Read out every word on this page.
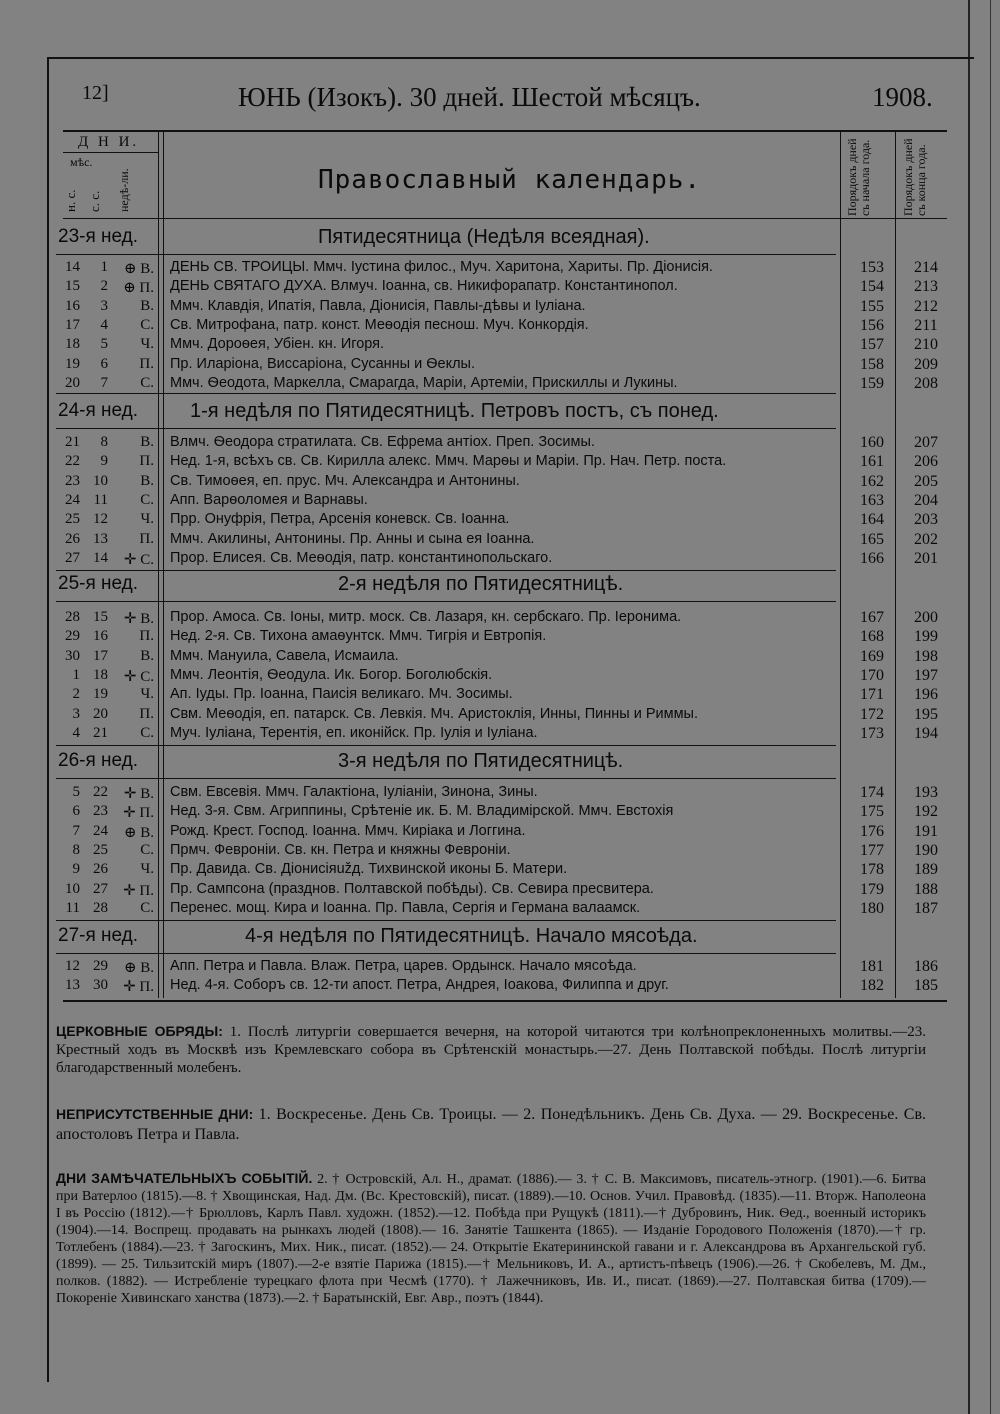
12]	ЮНЬ (Изокъ). 30 дней. Шестой мѣсяцъ.	1908.
Д Н И.
мѣс.
н. с. с. с. недѣ-ли.	Православный календарь.	Порядокъ дней съ начала года.	Порядокъ дней съ конца года.
23-я нед.	Пятидесятница (Недѣля всеядная).
14	1	⊕ В. ДЕНЬ СВ. ТРОИЦЫ. Ммч. Іустина филос., Муч. Харитона, Хариты. Пр. Діонисія.	153	214
15	2	⊕ П. ДЕНЬ СВЯТАГО ДУХА. Влмуч. Іоанна, св. Никифорапатр. Константинопол.	154	213
16	3	В. Ммч. Клавдія, Ипатія, Павла, Діонисія, Павлы-дѣвы и Іуліана.	155	212
17	4	С. Св. Митрофана, патр. конст. Меѳодія песнош. Муч. Конкордія.	156	211
18	5	Ч. Ммч. Дороѳея, Убіен. кн. Игоря.	157	210
19	6	П. Пр. Иларіона, Виссаріона, Сусанны и Ѳеклы.	158	209
20	7	С. Ммч. Ѳеодота, Маркелла, Смарагда, Маріи, Артеміи, Прискиллы и Лукины.	159	208
24-я нед.	1-я недѣля по Пятидесятницѣ. Петровъ постъ, съ понед.
21	8	В. Влмч. Ѳеодора стратилата. Св. Ефрема антіох. Преп. Зосимы.	160	207
22	9	П. Нед. 1-я, всѣхъ св. Св. Кирилла алекс. Ммч. Марѳы и Маріи. Пр. Нач. Петр. поста.	161	206
23 10	В. Св. Тимоѳея, еп. прус. Мч. Александра и Антонины.	162	205
24 11	С. Апп. Варѳоломея и Варнавы.	163	204
25 12	Ч. Прр. Онуфрія, Петра, Арсенія коневск. Св. Іоанна.	164	203
26 13	П. Ммч. Акилины, Антонины. Пр. Анны и сына ея Іоанна.	165	202
27 14	✛ С. Прор. Елисея. Св. Меѳодія, патр. константинопольскаго.	166	201
25-я нед.	2-я недѣля по Пятидесятницѣ.
28 15	✛ В. Прор. Амоса. Св. Іоны, митр. моск. Св. Лазаря, кн. сербскаго. Пр. Іеронима.	167	200
29 16	П. Нед. 2-я. Св. Тихона амаѳунтск. Ммч. Тигрія и Евтропія.	168	199
30 17	В. Ммч. Мануила, Савела, Исмаила.	169	198
1 18	✛ С. Ммч. Леонтія, Ѳеодула. Ик. Богор. Боголюбскія.	170	197
2 19	Ч. Ап. Іуды. Пр. Іоанна, Паисія великаго. Мч. Зосимы.	171	196
3 20	П. Свм. Меѳодія, еп. патарск. Св. Левкія. Мч. Аристоклія, Инны, Пинны и Риммы.	172	195
4 21	С. Муч. Іуліана, Терентія, еп. иконійск. Пр. Іулія и Іуліана.	173	194
26-я нед.	3-я недѣля по Пятидесятницѣ.
5 22	✛ В. Свм. Евсевія. Ммч. Галактіона, Іуліаніи, Зинона, Зины.	174	193
6 23	✛ П. Нед. 3-я. Свм. Агриппины, Срѣтеніе ик. Б. М. Владимірской. Ммч. Евстохія	175	192
7 24	⊕ В. Рожд. Крест. Господ. Іоанна. Ммч. Киріака и Логгина.	176	191
8 25	С. Прмч. Февроніи. Св. кн. Петра и княжны Февроніи.	177	190
9 26	Ч. Пр. Давида. Св. Діонисіяužд. Тихвинской иконы Б. Матери.	178	189
10 27	✛ П. Пр. Сампсона (празднов. Полтавской побѣды). Св. Севира пресвитера.	179	188
11 28	С. Перенес. мощ. Кира и Іоанна. Пр. Павла, Сергія и Германа валаамск.	180	187
27-я нед.	4-я недѣля по Пятидесятницѣ. Начало мясоѣда.
12 29	⊕ В. Апп. Петра и Павла. Влаж. Петра, царев. Ордынск. Начало мясоѣда.	181	186
13 30	✛ П. Нед. 4-я. Соборъ св. 12-ти апост. Петра, Андрея, Іоакова, Филиппа и друг.	182	185
ЦЕРКОВНЫЕ ОБРЯДЫ: 1. Послѣ литургіи совершается вечерня, на которой читаются три колѣнопреклоненныхъ молитвы.—23. Крестный ходъ въ Москвѣ изъ Кремлевскаго собора въ Срѣтенскій монастырь.—27. День Полтавской побѣды. Послѣ литургіи благодарственный молебенъ.
НЕПРИСУТСТВЕННЫЕ ДНИ: 1. Воскресенье. День Св. Троицы. — 2. Понедѣльникъ. День Св. Духа. — 29. Воскресенье. Св. апостоловъ Петра и Павла.
ДНИ ЗАМѢЧАТЕЛЬНЫХЪ СОБЫТІЙ. 2. † Островскій, Ал. Н., драмат. (1886).— 3. † С. В. Максимовъ, писатель-этногр. (1901).—6. Битва при Ватерлоо (1815).—8. † Хвощинская, Над. Дм. (Вс. Крестовскій), писат. (1889).—10. Основ. Учил. Правовѣд. (1835).—11. Вторж. Наполеона I въ Россію (1812).—† Брюлловъ, Карлъ Павл. художн. (1852).—12. Побѣда при Рущукѣ (1811).—† Дубровинъ, Ник. Ѳед., военный историкъ (1904).—14. Воспрещ. продавать на рынкахъ людей (1808).— 16. Занятіе Ташкента (1865). — Изданіе Городового Положенія (1870).—† гр. Тотлебенъ (1884).—23. † Загоскинъ, Мих. Ник., писат. (1852).— 24. Открытіе Екатерининской гавани и г. Александрова въ Архангельской губ. (1899). — 25. Тильзитскій миръ (1807).—2-е взятіе Парижа (1815).—† Мельниковъ, И. А., артистъ-пѣвецъ (1906).—26. † Скобелевъ, М. Дм., полков. (1882). — Истребленіе турецкаго флота при Чесмѣ (1770). † Лажечниковъ, Ив. И., писат. (1869).—27. Полтавская битва (1709).—Покореніе Хивинскаго ханства (1873).—2. † Баратынскій, Евг. Авр., поэтъ (1844).
